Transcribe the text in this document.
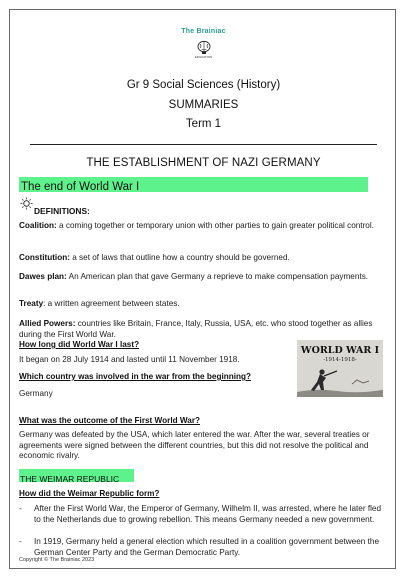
The Brainiac
EDUCATION
Gr 9 Social Sciences (History)
SUMMARIES
Term 1
THE ESTABLISHMENT OF NAZI GERMANY
The end of World War I
DEFINITIONS:
Coalition: a coming together or temporary union with other parties to gain greater political control.
Constitution: a set of laws that outline how a country should be governed.
Dawes plan: An American plan that gave Germany a reprieve to make compensation payments.
Treaty: a written agreement between states.
Allied Powers: countries like Britain, France, Italy, Russia, USA, etc. who stood together as allies during the First World War.
How long did World War I last?
It began on 28 July 1914 and lasted until 11 November 1918.
Which country was involved in the war from the beginning?
Germany
WORLD WAR I
-1914-1918-
What was the outcome of the First World War?
Germany was defeated by the USA, which later entered the war. After the war, several treaties or agreements were signed between the different countries, but this did not resolve the political and economic rivalry.
THE WEIMAR REPUBLIC
How did the Weimar Republic form?
- After the First World War, the Emperor of Germany, Wilhelm II, was arrested, where he later fled to the Netherlands due to growing rebellion. This means Germany needed a new government.
- In 1919, Germany held a general election which resulted in a coalition government between the German Center Party and the German Democratic Party.
Copyright © The Brainiac 2023
